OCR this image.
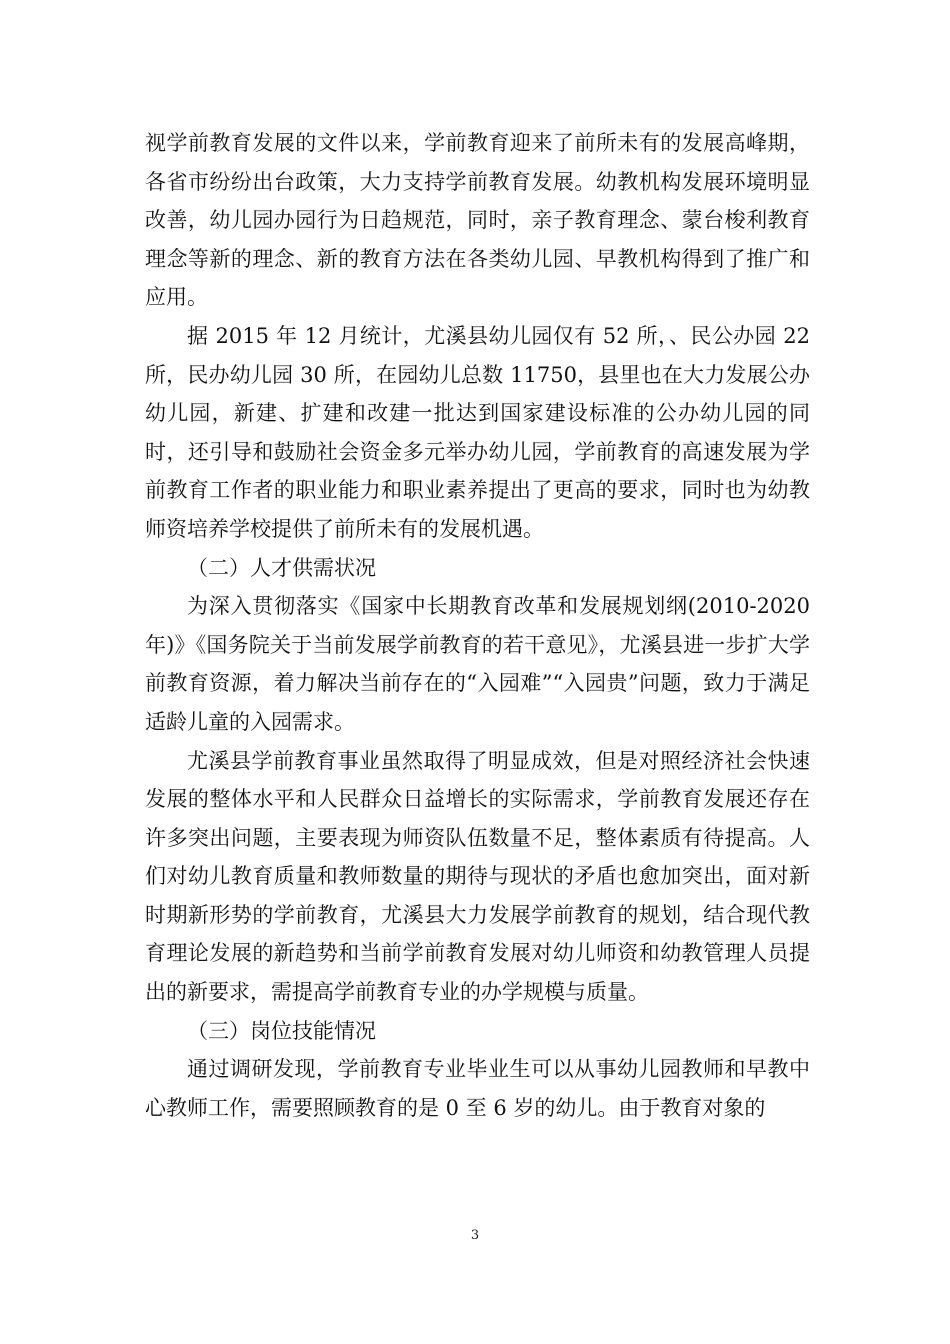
视学前教育发展的文件以来，学前教育迎来了前所未有的发展高峰期，各省市纷纷出台政策，大力支持学前教育发展。幼教机构发展环境明显改善，幼儿园办园行为日趋规范，同时，亲子教育理念、蒙台梭利教育理念等新的理念、新的教育方法在各类幼儿园、早教机构得到了推广和应用。

据 2015 年 12 月统计，尤溪县幼儿园仅有 52 所，、民公办园 22 所，民办幼儿园 30 所，在园幼儿总数 11750，县里也在大力发展公办幼儿园，新建、扩建和改建一批达到国家建设标准的公办幼儿园的同时，还引导和鼓励社会资金多元举办幼儿园，学前教育的高速发展为学前教育工作者的职业能力和职业素养提出了更高的要求，同时也为幼教师资培养学校提供了前所未有的发展机遇。

（二）人才供需状况

为深入贯彻落实《国家中长期教育改革和发展规划纲(2010-2020年)》《国务院关于当前发展学前教育的若干意见》，尤溪县进一步扩大学前教育资源，着力解决当前存在的“入园难”“入园贵”问题，致力于满足适龄儿童的入园需求。

尤溪县学前教育事业虽然取得了明显成效，但是对照经济社会快速发展的整体水平和人民群众日益增长的实际需求，学前教育发展还存在许多突出问题，主要表现为师资队伍数量不足，整体素质有待提高。人们对幼儿教育质量和教师数量的期待与现状的矛盾也愈加突出，面对新时期新形势的学前教育，尤溪县大力发展学前教育的规划，结合现代教育理论发展的新趋势和当前学前教育发展对幼儿师资和幼教管理人员提出的新要求，需提高学前教育专业的办学规模与质量。

（三）岗位技能情况

通过调研发现，学前教育专业毕业生可以从事幼儿园教师和早教中心教师工作，需要照顾教育的是 0 至 6 岁的幼儿。由于教育对象的

3
